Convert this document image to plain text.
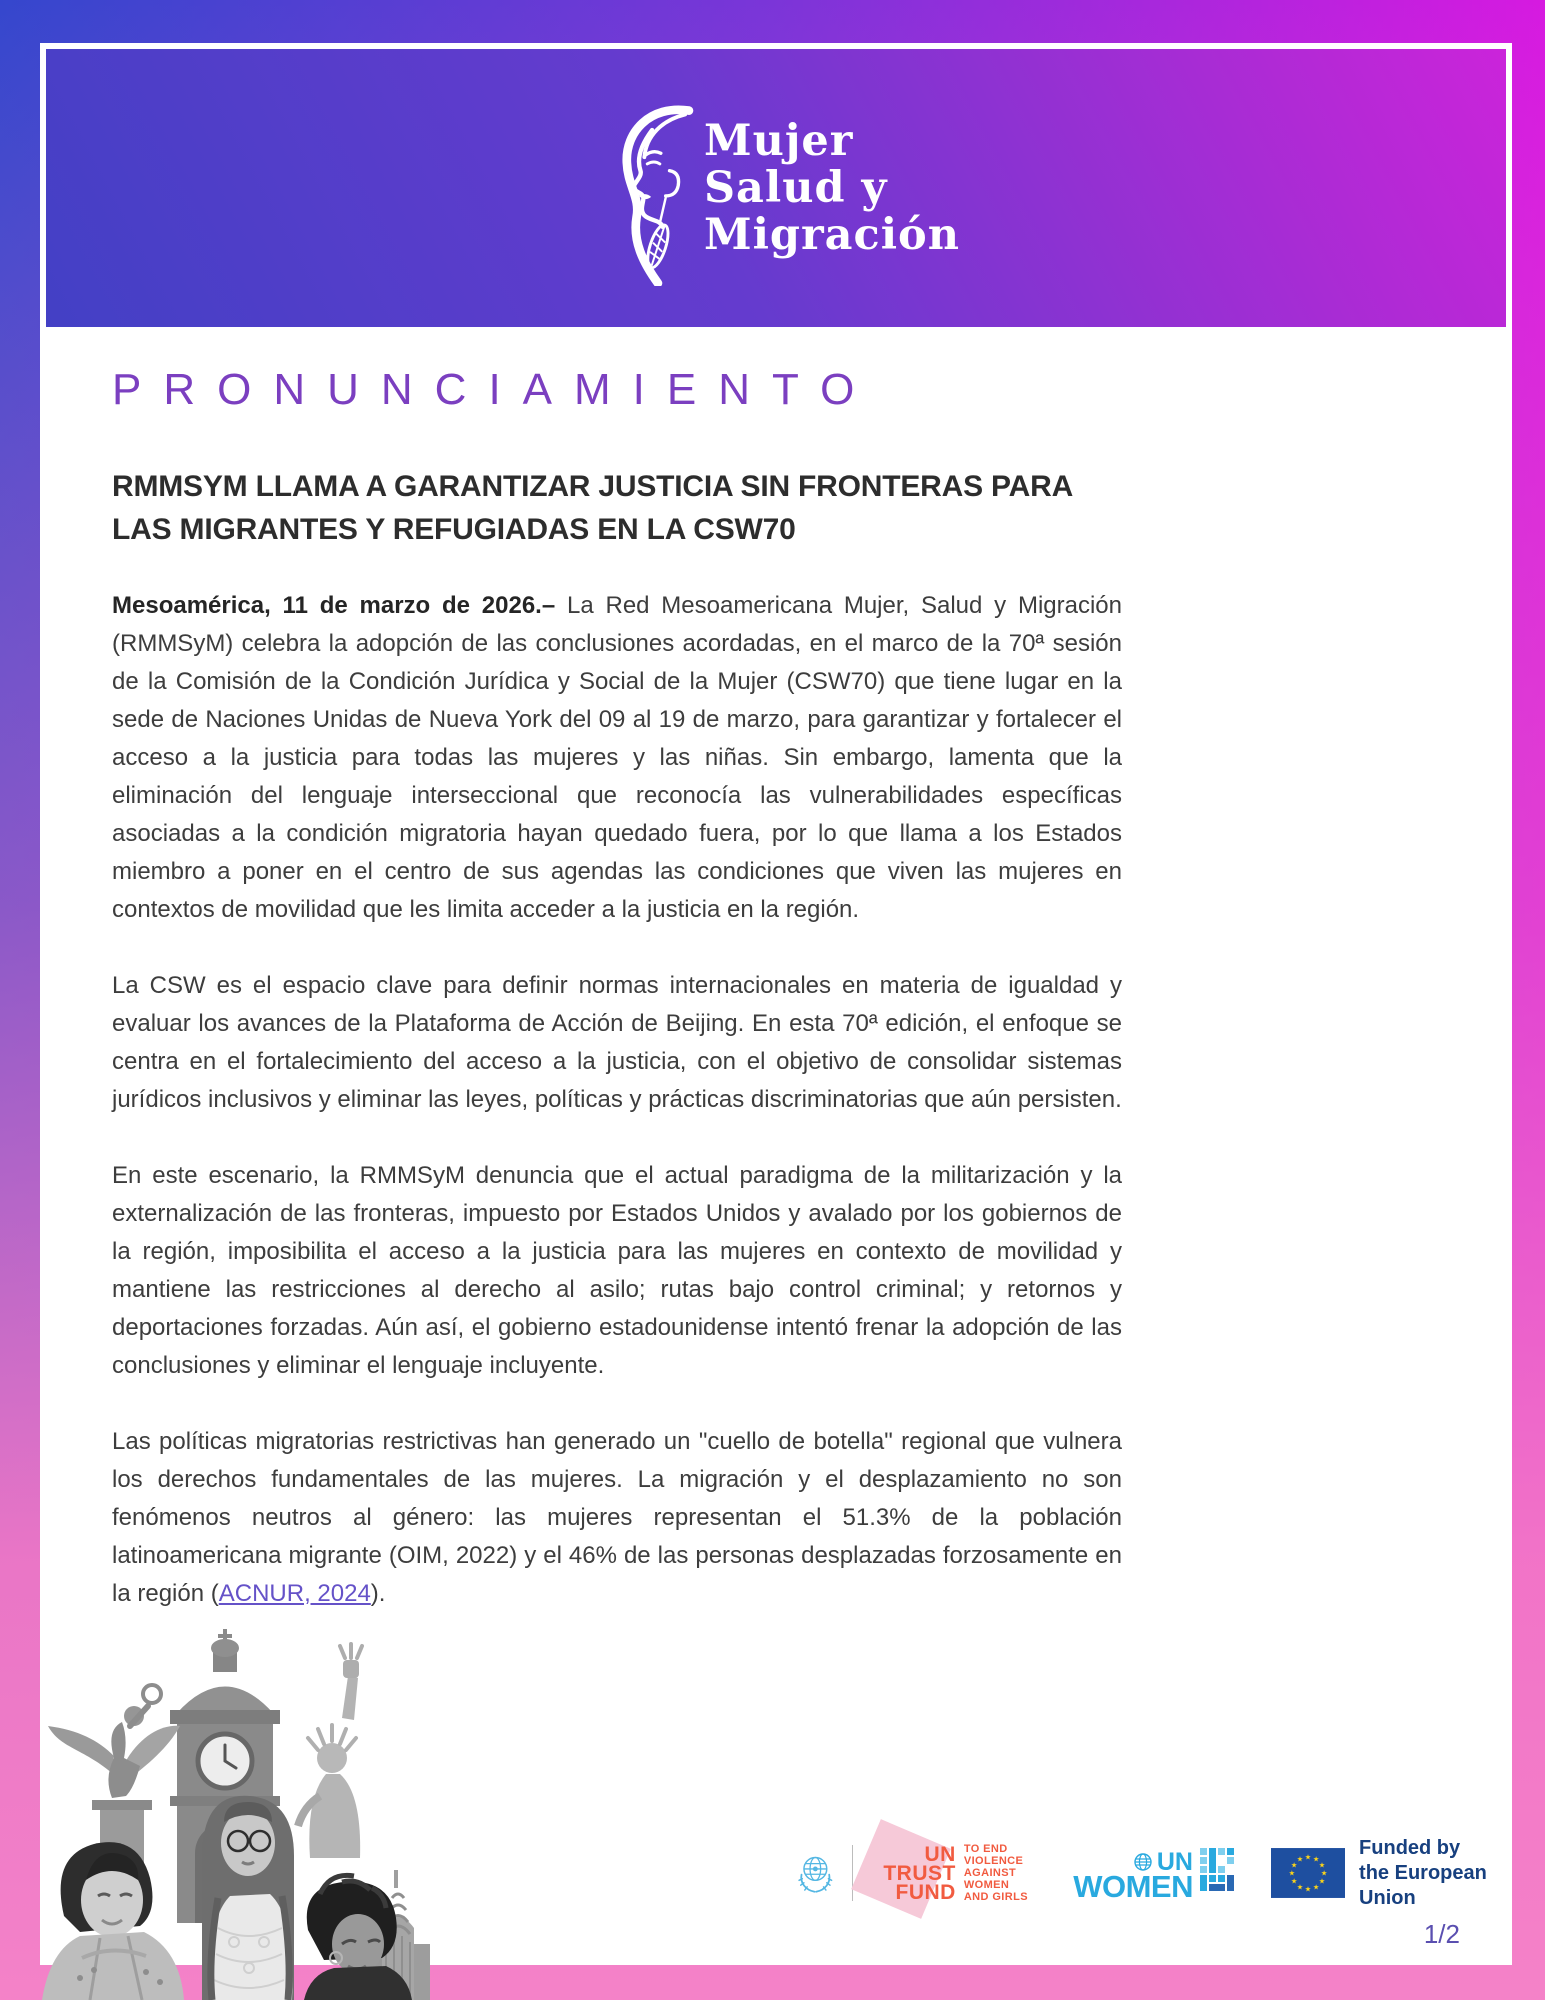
Mujer
Salud y
Migración
PRONUNCIAMIENTO
RMMSYM LLAMA A GARANTIZAR JUSTICIA SIN FRONTERAS PARA LAS MIGRANTES Y REFUGIADAS EN LA CSW70

Mesoamérica, 11 de marzo de 2026.– La Red Mesoamericana Mujer, Salud y Migración (RMMSyM) celebra la adopción de las conclusiones acordadas, en el marco de la 70ª sesión de la Comisión de la Condición Jurídica y Social de la Mujer (CSW70) que tiene lugar en la sede de Naciones Unidas de Nueva York del 09 al 19 de marzo, para garantizar y fortalecer el acceso a la justicia para todas las mujeres y las niñas. Sin embargo, lamenta que la eliminación del lenguaje interseccional que reconocía las vulnerabilidades específicas asociadas a la condición migratoria hayan quedado fuera, por lo que llama a los Estados miembro a poner en el centro de sus agendas las condiciones que viven las mujeres en contextos de movilidad que les limita acceder a la justicia en la región.

La CSW es el espacio clave para definir normas internacionales en materia de igualdad y evaluar los avances de la Plataforma de Acción de Beijing. En esta 70ª edición, el enfoque se centra en el fortalecimiento del acceso a la justicia, con el objetivo de consolidar sistemas jurídicos inclusivos y eliminar las leyes, políticas y prácticas discriminatorias que aún persisten.

En este escenario, la RMMSyM denuncia que el actual paradigma de la militarización y la externalización de las fronteras, impuesto por Estados Unidos y avalado por los gobiernos de la región, imposibilita el acceso a la justicia para las mujeres en contexto de movilidad y mantiene las restricciones al derecho al asilo; rutas bajo control criminal; y retornos y deportaciones forzadas. Aún así, el gobierno estadounidense intentó frenar la adopción de las conclusiones y eliminar el lenguaje incluyente.

Las políticas migratorias restrictivas han generado un "cuello de botella" regional que vulnera los derechos fundamentales de las mujeres. La migración y el desplazamiento no son fenómenos neutros al género: las mujeres representan el 51.3% de la población latinoamericana migrante (OIM, 2022) y el 46% de las personas desplazadas forzosamente en la región (ACNUR, 2024).

UN
TRUST
FUND
TO END
VIOLENCE
AGAINST WOMEN
AND GIRLS
UN
WOMEN
★ ★
★
★
★
★
★
★
★
★
★
★
Funded by
the European Union
1/2
